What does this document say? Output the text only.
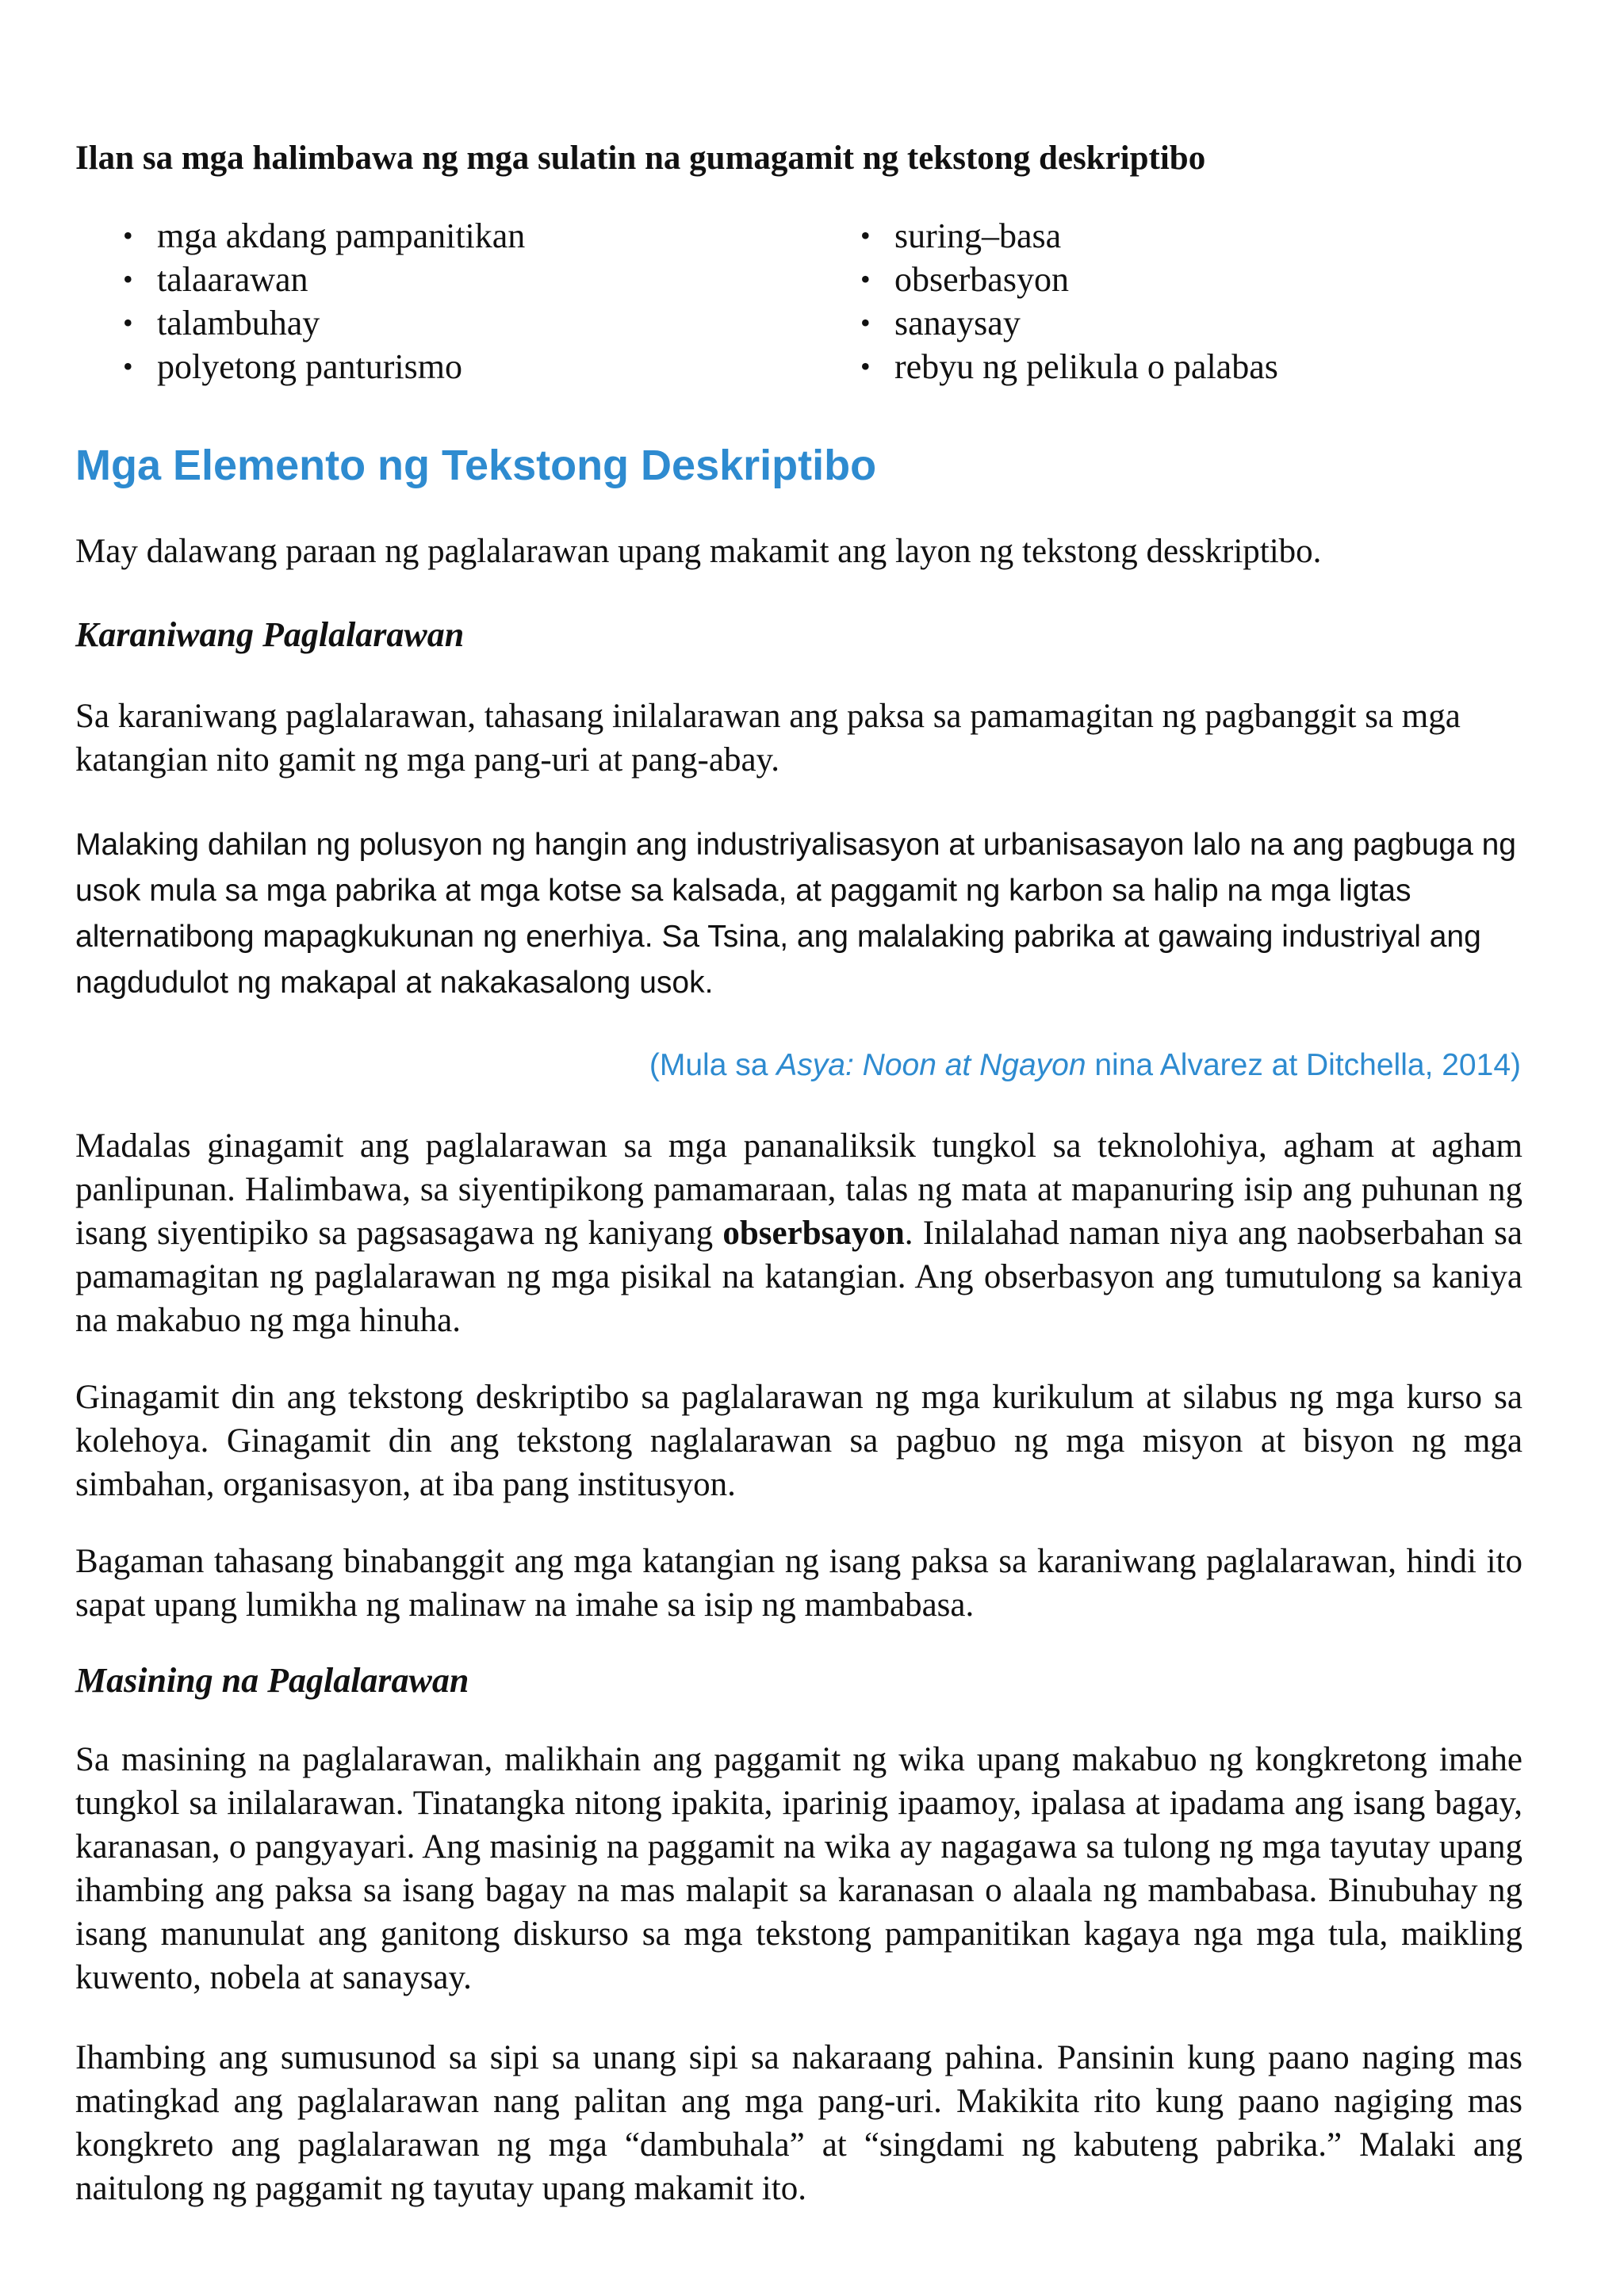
Ilan sa mga halimbawa ng mga sulatin na gumagamit ng tekstong deskriptibo
• mga akdang pampanitikan
• talaarawan
• talambuhay
• polyetong panturismo
• suring–basa
• obserbasyon
• sanaysay
• rebyu ng pelikula o palabas
Mga Elemento ng Tekstong Deskriptibo

May dalawang paraan ng paglalarawan upang makamit ang layon ng tekstong desskriptibo.

Karaniwang Paglalarawan

Sa karaniwang paglalarawan, tahasang inilalarawan ang paksa sa pamamagitan ng pagbanggit sa mga katangian nito gamit ng mga pang-uri at pang-abay.

Malaking dahilan ng polusyon ng hangin ang industriyalisasyon at urbanisasayon lalo na ang pagbuga ng usok mula sa mga pabrika at mga kotse sa kalsada, at paggamit ng karbon sa halip na mga ligtas alternatibong mapagkukunan ng enerhiya. Sa Tsina, ang malalaking pabrika at gawaing industriyal ang nagdudulot ng makapal at nakakasalong usok.

(Mula sa Asya: Noon at Ngayon nina Alvarez at Ditchella, 2014)

Madalas ginagamit ang paglalarawan sa mga pananaliksik tungkol sa teknolohiya, agham at agham panlipunan. Halimbawa, sa siyentipikong pamamaraan, talas ng mata at mapanuring isip ang puhunan ng isang siyentipiko sa pagsasagawa ng kaniyang obserbsayon. Inilalahad naman niya ang naobserbahan sa pamamagitan ng paglalarawan ng mga pisikal na katangian. Ang obserbasyon ang tumutulong sa kaniya na makabuo ng mga hinuha.

Ginagamit din ang tekstong deskriptibo sa paglalarawan ng mga kurikulum at silabus ng mga kurso sa kolehoya. Ginagamit din ang tekstong naglalarawan sa pagbuo ng mga misyon at bisyon ng mga simbahan, organisasyon, at iba pang institusyon.

Bagaman tahasang binabanggit ang mga katangian ng isang paksa sa karaniwang paglalarawan, hindi ito sapat upang lumikha ng malinaw na imahe sa isip ng mambabasa.

Masining na Paglalarawan

Sa masining na paglalarawan, malikhain ang paggamit ng wika upang makabuo ng kongkretong imahe tungkol sa inilalarawan. Tinatangka nitong ipakita, iparinig ipaamoy, ipalasa at ipadama ang isang bagay, karanasan, o pangyayari. Ang masinig na paggamit na wika ay nagagawa sa tulong ng mga tayutay upang ihambing ang paksa sa isang bagay na mas malapit sa karanasan o alaala ng mambabasa. Binubuhay ng isang manunulat ang ganitong diskurso sa mga tekstong pampanitikan kagaya nga mga tula, maikling kuwento, nobela at sanaysay.

Ihambing ang sumusunod sa sipi sa unang sipi sa nakaraang pahina. Pansinin kung paano naging mas matingkad ang paglalarawan nang palitan ang mga pang-uri. Makikita rito kung paano nagiging mas kongkreto ang paglalarawan ng mga “dambuhala” at “singdami ng kabuteng pabrika.” Malaki ang naitulong ng paggamit ng tayutay upang makamit ito.
